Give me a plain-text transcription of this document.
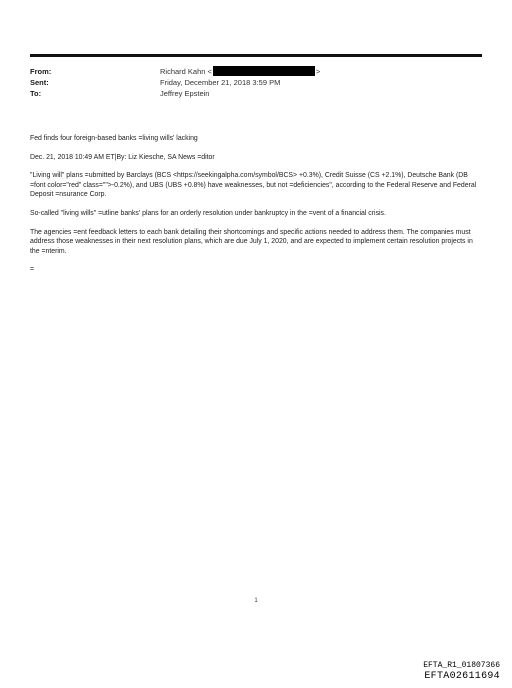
From:	Richard Kahn <	>
Sent:	Friday, December 21, 2018 3:59 PM
To:	Jeffrey Epstein

Fed finds four foreign-based banks =living wills' lacking

Dec. 21, 2018 10:49 AM ET|By: Liz Kiesche, SA News =ditor

"Living will" plans =ubmitted by Barclays (BCS <https://seekingalpha.com/symbol/BCS> +0.3%), Credit Suisse (CS +2.1%), Deutsche Bank (DB =font color="red" class="">-0.2%), and UBS (UBS +0.8%) have weaknesses, but not =deficiencies", according to the Federal Reserve and Federal Deposit =nsurance Corp.

So-called "living wills" =utline banks' plans for an orderly resolution under bankruptcy in the =vent of a financial crisis.

The agencies =ent feedback letters to each bank detailing their shortcomings and specific actions needed to address them. The companies must address those weaknesses in their next resolution plans, which are due July 1, 2020, and are expected to implement certain resolution projects in the =nterim.

=

1
EFTA_R1_01807366
EFTA02611694
